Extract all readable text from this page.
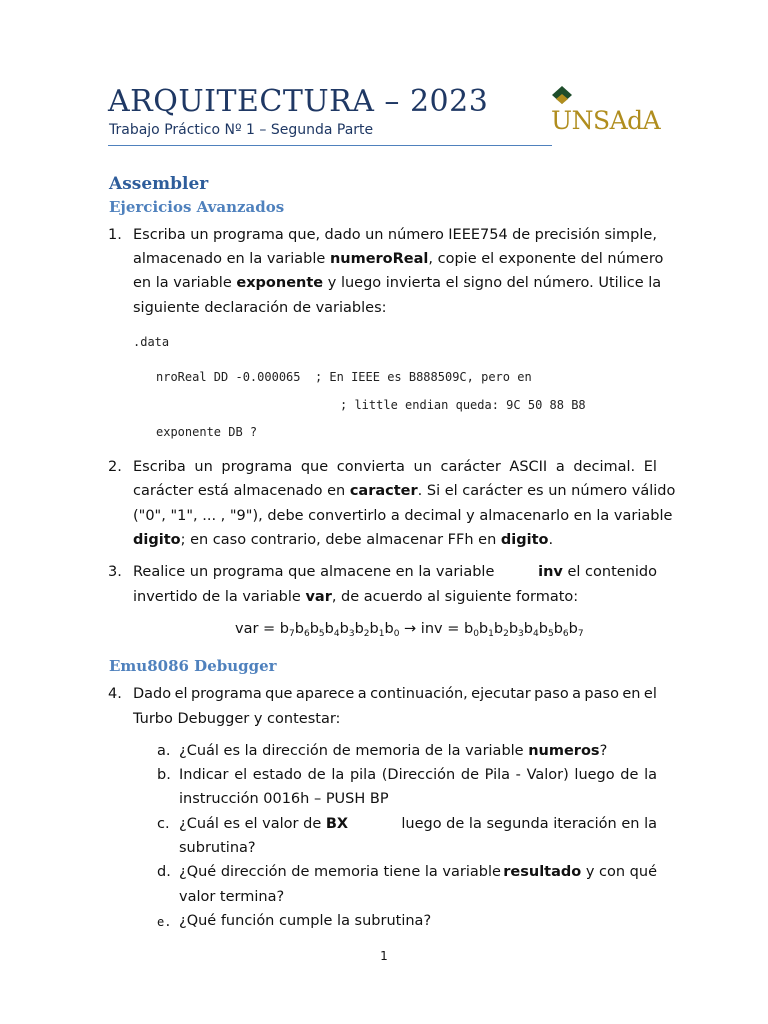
ARQUITECTURA – 2023
Trabajo Práctico Nº 1 – Segunda Parte	UNSAdA
Assembler
Ejercicios Avanzados
1. Escriba un programa que, dado un número IEEE754 de precisión simple,
almacenado en la variable numeroReal, copie el exponente del número
en la variable exponente y luego invierta el signo del número. Utilice la
siguiente declaración de variables:
.data
nroReal DD -0.000065  ; En IEEE es B888509C, pero en
; little endian queda: 9C 50 88 B8
exponente DB ?
2. Escriba un programa que convierta un carácter ASCII a decimal. El
carácter está almacenado en caracter. Si el carácter es un número válido
("0", "1", ... , "9"), debe convertirlo a decimal y almacenarlo en la variable
digito; en caso contrario, debe almacenar FFh en digito.
3. Realice un programa que almacene en la variable	inv el contenido
invertido de la variable var, de acuerdo al siguiente formato:
var = $b_7b_6b_5b_4b_3b_2b_1b_0$ → inv = $b_0b_1b_2b_3b_4b_5b_6b_7$
Emu8086 Debugger
4. Dado el programa que aparece a continuación, ejecutar paso a paso en el
Turbo Debugger y contestar:
a. ¿Cuál es la dirección de memoria de la variable numeros?
b. Indicar el estado de la pila (Dirección de Pila - Valor) luego de la
instrucción 0016h – PUSH BP
c. ¿Cuál es el valor de BX	luego de la segunda iteración en la
subrutina?
d. ¿Qué dirección de memoria tiene la variable resultado y con qué
valor termina?
e. ¿Qué función cumple la subrutina?
1
